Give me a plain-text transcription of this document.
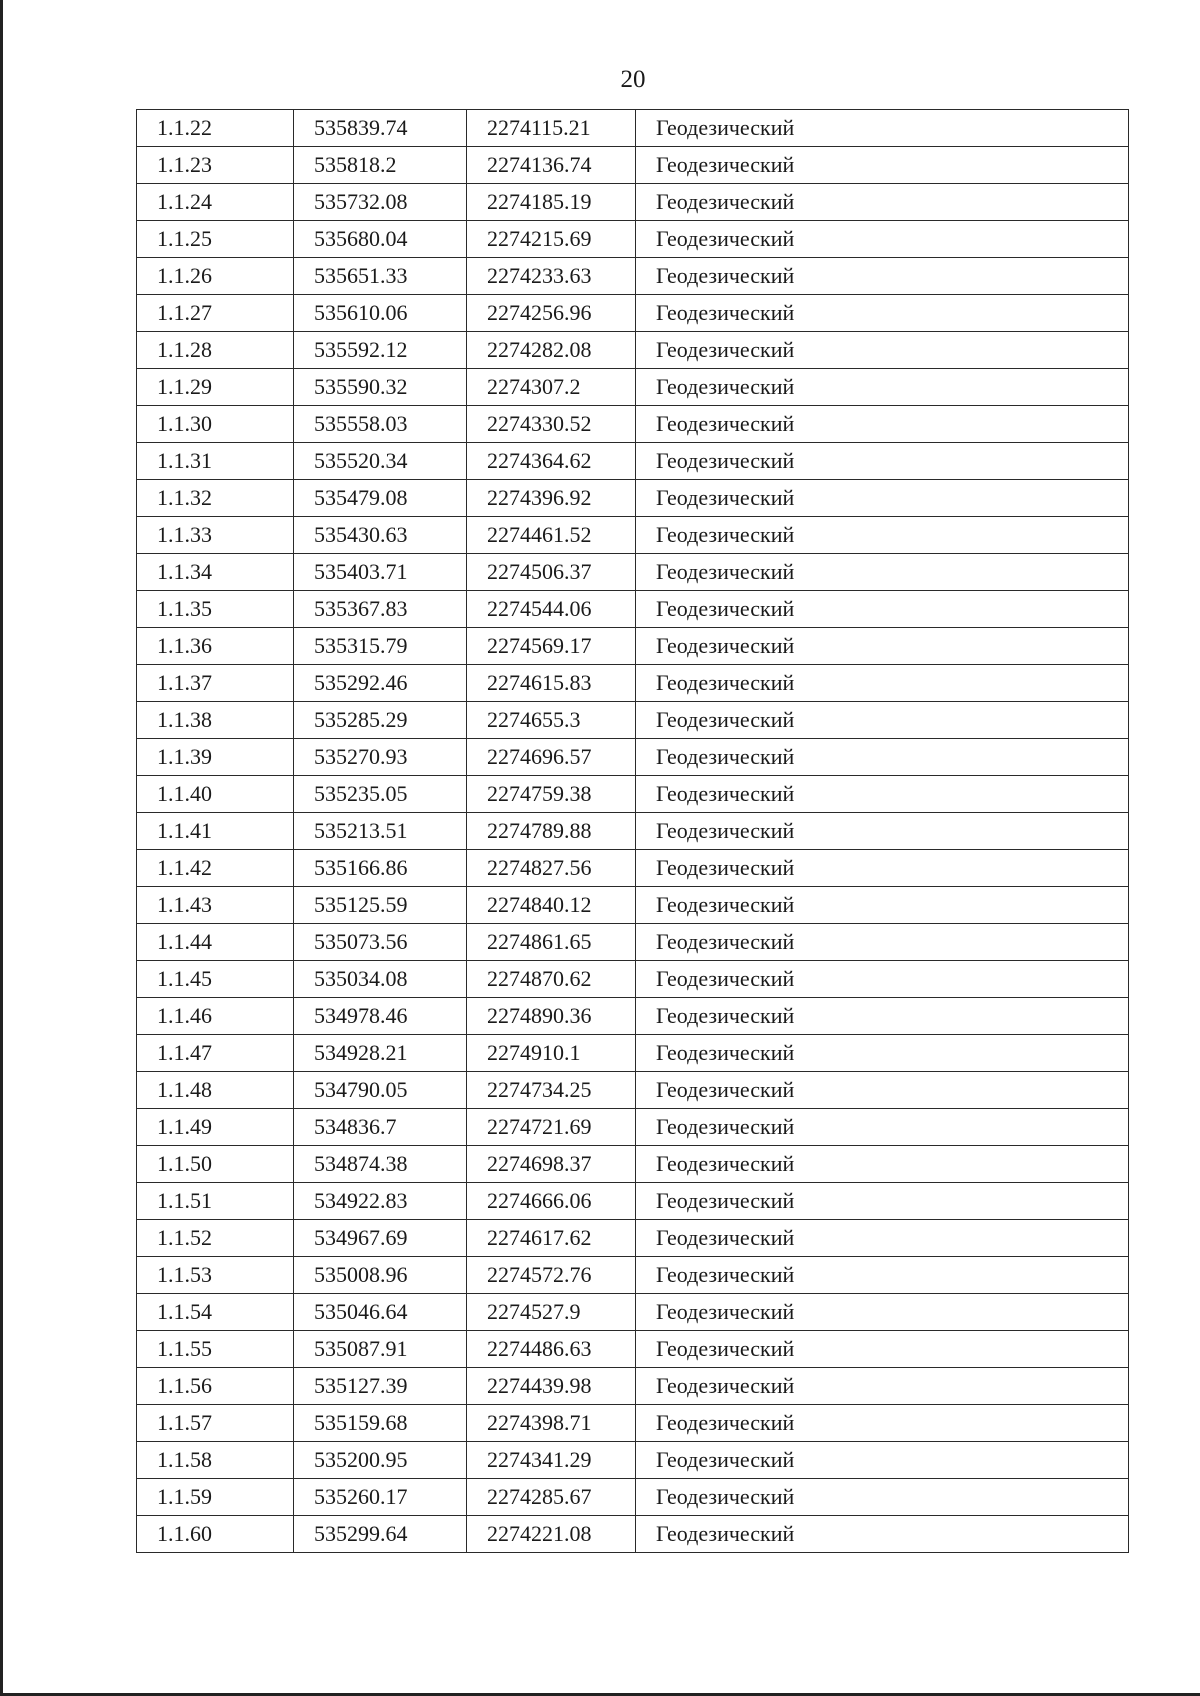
20
1.1.22	535839.74	2274115.21	Геодезический
1.1.23	535818.2	2274136.74	Геодезический
1.1.24	535732.08	2274185.19	Геодезический
1.1.25	535680.04	2274215.69	Геодезический
1.1.26	535651.33	2274233.63	Геодезический
1.1.27	535610.06	2274256.96	Геодезический
1.1.28	535592.12	2274282.08	Геодезический
1.1.29	535590.32	2274307.2	Геодезический
1.1.30	535558.03	2274330.52	Геодезический
1.1.31	535520.34	2274364.62	Геодезический
1.1.32	535479.08	2274396.92	Геодезический
1.1.33	535430.63	2274461.52	Геодезический
1.1.34	535403.71	2274506.37	Геодезический
1.1.35	535367.83	2274544.06	Геодезический
1.1.36	535315.79	2274569.17	Геодезический
1.1.37	535292.46	2274615.83	Геодезический
1.1.38	535285.29	2274655.3	Геодезический
1.1.39	535270.93	2274696.57	Геодезический
1.1.40	535235.05	2274759.38	Геодезический
1.1.41	535213.51	2274789.88	Геодезический
1.1.42	535166.86	2274827.56	Геодезический
1.1.43	535125.59	2274840.12	Геодезический
1.1.44	535073.56	2274861.65	Геодезический
1.1.45	535034.08	2274870.62	Геодезический
1.1.46	534978.46	2274890.36	Геодезический
1.1.47	534928.21	2274910.1	Геодезический
1.1.48	534790.05	2274734.25	Геодезический
1.1.49	534836.7	2274721.69	Геодезический
1.1.50	534874.38	2274698.37	Геодезический
1.1.51	534922.83	2274666.06	Геодезический
1.1.52	534967.69	2274617.62	Геодезический
1.1.53	535008.96	2274572.76	Геодезический
1.1.54	535046.64	2274527.9	Геодезический
1.1.55	535087.91	2274486.63	Геодезический
1.1.56	535127.39	2274439.98	Геодезический
1.1.57	535159.68	2274398.71	Геодезический
1.1.58	535200.95	2274341.29	Геодезический
1.1.59	535260.17	2274285.67	Геодезический
1.1.60	535299.64	2274221.08	Геодезический
